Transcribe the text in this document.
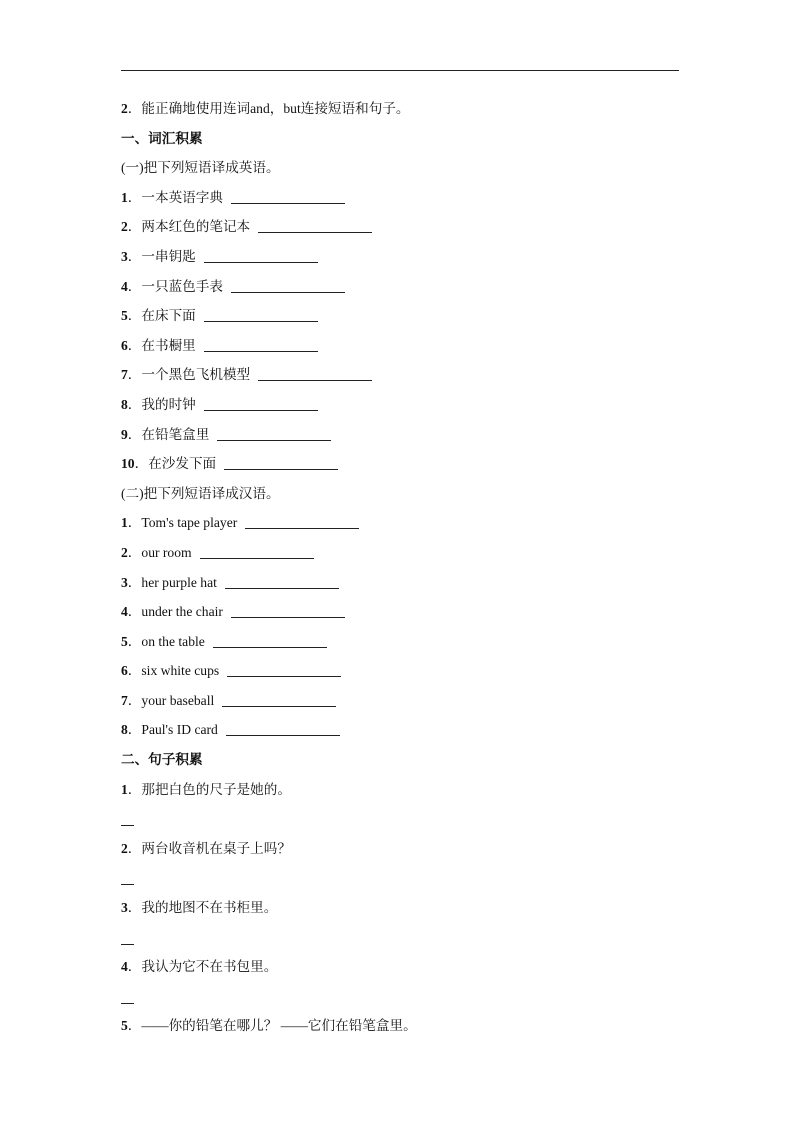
2．能正确地使用连词and，but连接短语和句子。
一、词汇积累
(一)把下列短语译成英语。
1．一本英语字典
2．两本红色的笔记本
3．一串钥匙
4．一只蓝色手表
5．在床下面
6．在书橱里
7．一个黑色飞机模型
8．我的时钟
9．在铅笔盒里
10．在沙发下面
(二)把下列短语译成汉语。
1．Tom's tape player
2．our room
3．her purple hat
4．under the chair
5．on the table
6．six white cups
7．your baseball
8．Paul's ID card
二、句子积累
1．那把白色的尺子是她的。
2．两台收音机在桌子上吗？
3．我的地图不在书柜里。
4．我认为它不在书包里。
5．——你的铅笔在哪儿？ ——它们在铅笔盒里。
